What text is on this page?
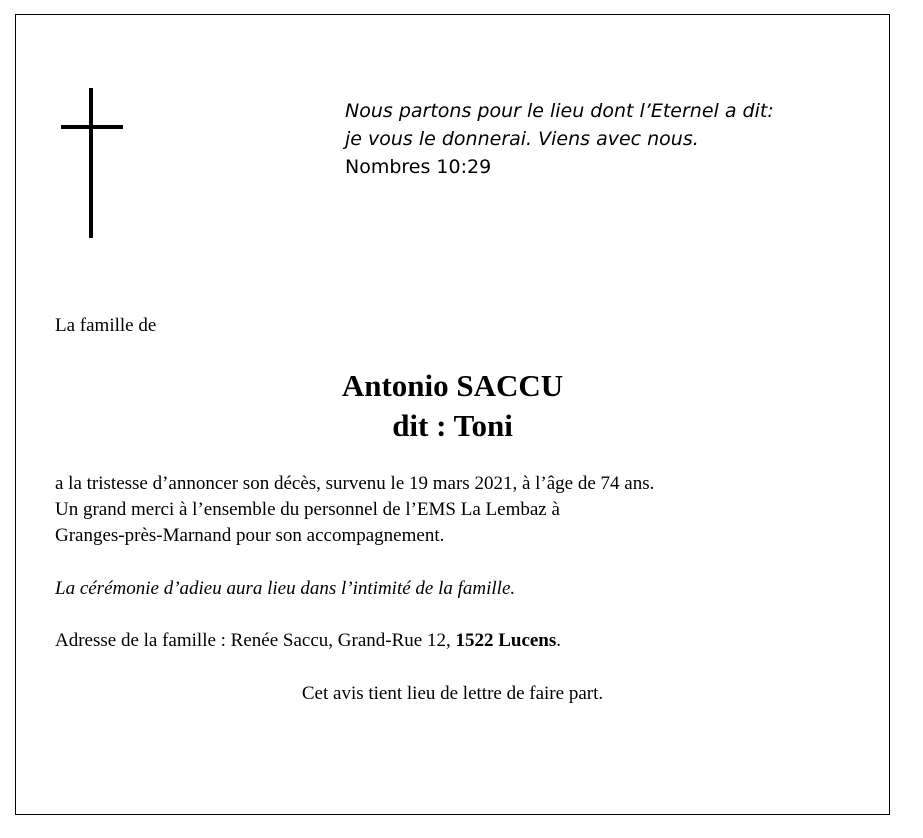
Nous partons pour le lieu dont l’Eternel a dit:
je vous le donnerai. Viens avec nous.
Nombres 10:29
La famille de
Antonio SACCU
dit : Toni
a la tristesse d’annoncer son décès, survenu le 19 mars 2021, à l’âge de 74 ans.
Un grand merci à l’ensemble du personnel de l’EMS La Lembaz à
Granges-près-Marnand pour son accompagnement.
La cérémonie d’adieu aura lieu dans l’intimité de la famille.
Adresse de la famille : Renée Saccu, Grand-Rue 12, 1522 Lucens.
Cet avis tient lieu de lettre de faire part.
